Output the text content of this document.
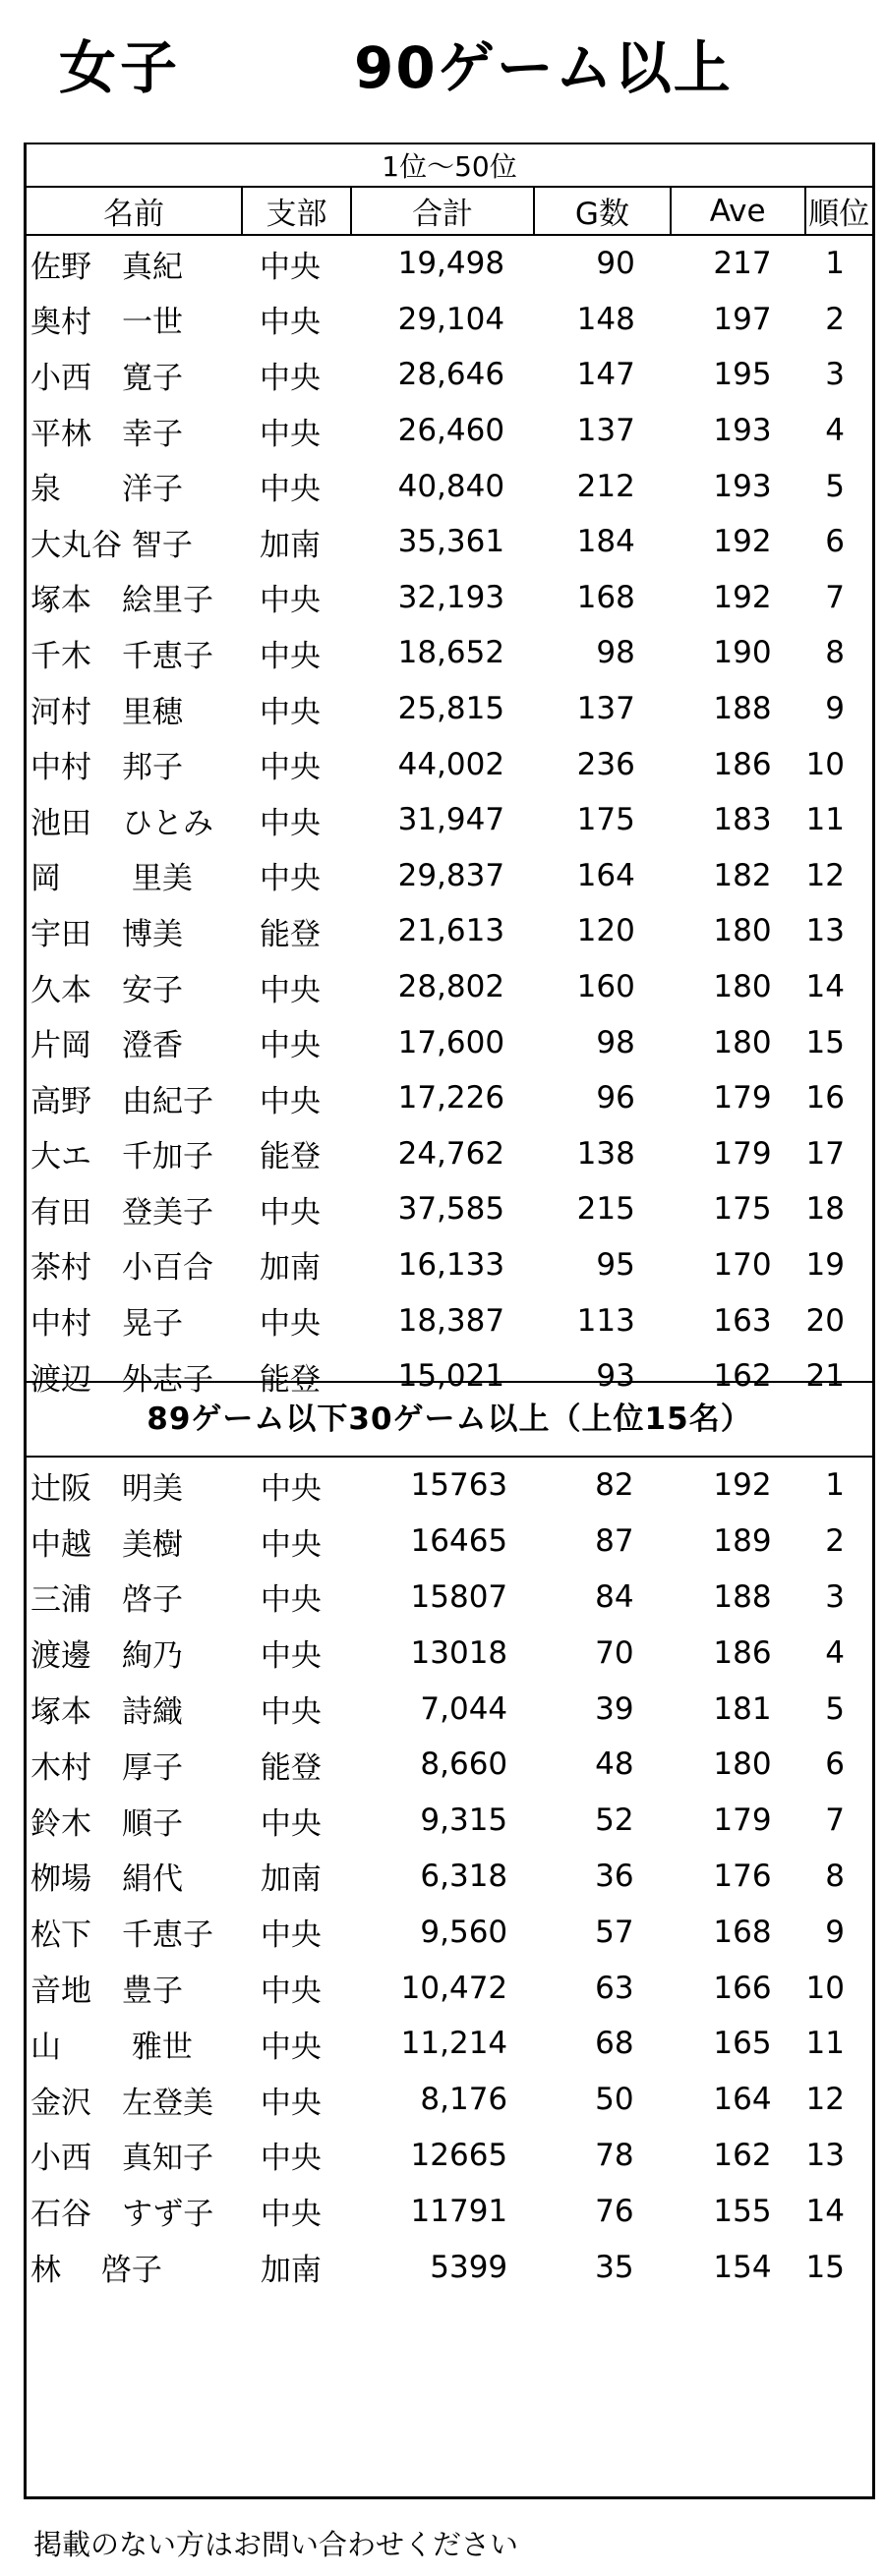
女子	90ゲーム以上
1位～50位					
名前	支部	合計	G数	Ave	順位
佐野　真紀	中央	19,498	90	217	1
奥村　一世	中央	29,104	148	197	2
小西　寛子	中央	28,646	147	195	3
平林　幸子	中央	26,460	137	193	4
泉　　洋子	中央	40,840	212	193	5
大丸谷 智子	加南	35,361	184	192	6
塚本　絵里子	中央	32,193	168	192	7
千木　千恵子	中央	18,652	98	190	8
河村　里穂	中央	25,815	137	188	9
中村　邦子	中央	44,002	236	186	10
池田　ひとみ	中央	31,947	175	183	11
岡　　 里美	中央	29,837	164	182	12
宇田　博美	能登	21,613	120	180	13
久本　安子	中央	28,802	160	180	14
片岡　澄香	中央	17,600	98	180	15
高野　由紀子	中央	17,226	96	179	16
大エ　千加子	能登	24,762	138	179	17
有田　登美子	中央	37,585	215	175	18
茶村　小百合	加南	16,133	95	170	19
中村　晃子	中央	18,387	113	163	20
渡辺　外志子	能登	15,021	93	162	21
89ゲーム以下30ゲーム以上（上位15名）
辻阪　明美	中央	15763	82	192	1
中越　美樹	中央	16465	87	189	2
三浦　啓子	中央	15807	84	188	3
渡邊　絢乃	中央	13018	70	186	4
塚本　詩織	中央	7,044	39	181	5
木村　厚子	能登	8,660	48	180	6
鈴木　順子	中央	9,315	52	179	7
栁場　絹代	加南	6,318	36	176	8
松下　千恵子	中央	9,560	57	168	9
音地　豊子	中央	10,472	63	166	10
山　　 雅世	中央	11,214	68	165	11
金沢　左登美	中央	8,176	50	164	12
小西　真知子	中央	12665	78	162	13
石谷　すず子	中央	11791	76	155	14
林　 啓子	加南	5399	35	154	15
掲載のない方はお問い合わせください
